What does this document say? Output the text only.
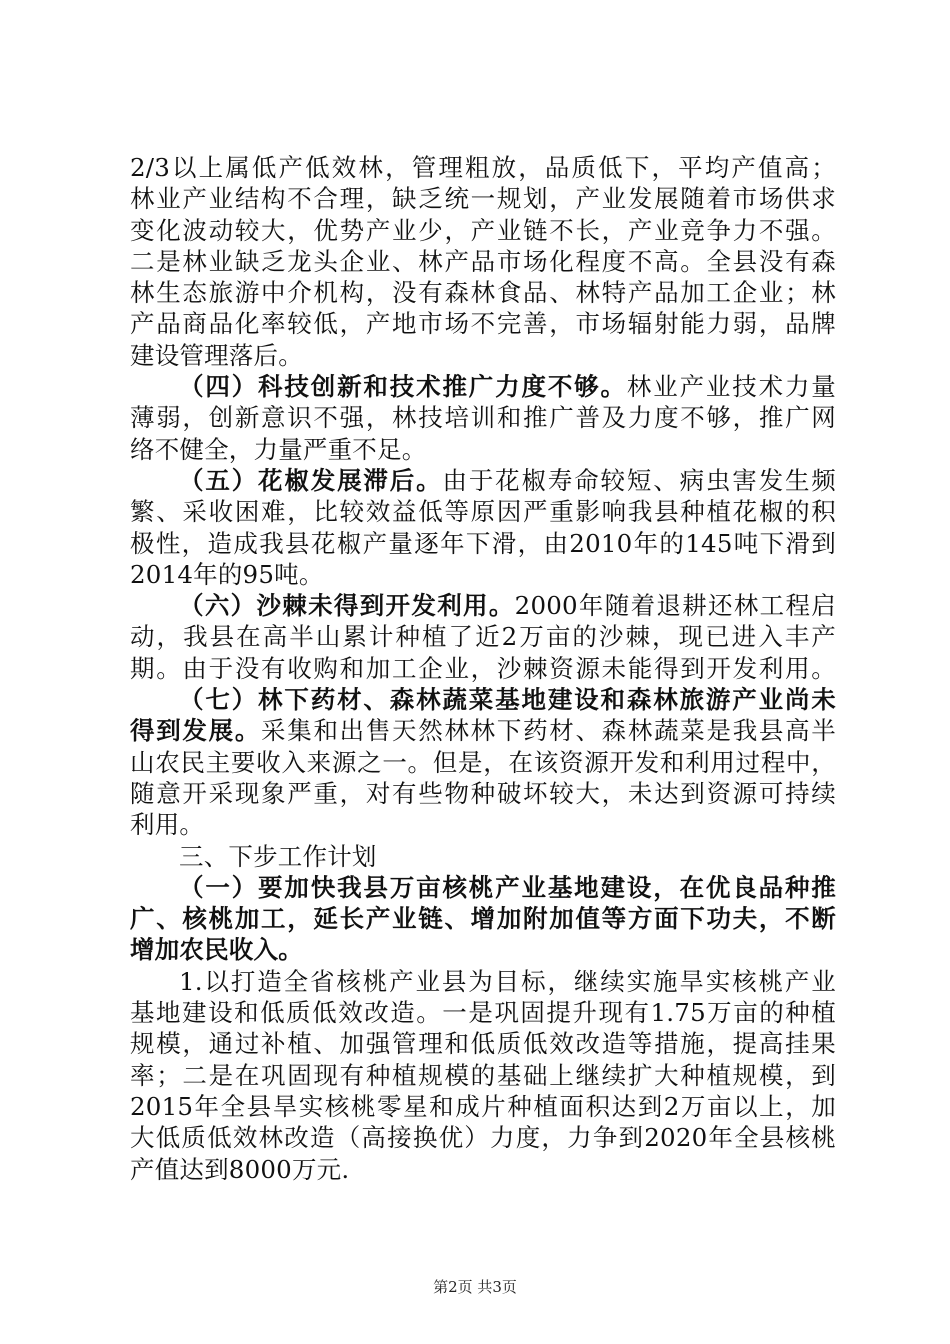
2/3以上属低产低效林，管理粗放，品质低下，平均产值高；
林业产业结构不合理，缺乏统一规划，产业发展随着市场供求
变化波动较大，优势产业少，产业链不长，产业竞争力不强。
二是林业缺乏龙头企业、林产品市场化程度不高。全县没有森
林生态旅游中介机构，没有森林食品、林特产品加工企业；林
产品商品化率较低，产地市场不完善，市场辐射能力弱，品牌
建设管理落后。
（四）科技创新和技术推广力度不够。林业产业技术力量
薄弱，创新意识不强，林技培训和推广普及力度不够，推广网
络不健全，力量严重不足。
（五）花椒发展滞后。由于花椒寿命较短、病虫害发生频
繁、采收困难，比较效益低等原因严重影响我县种植花椒的积
极性，造成我县花椒产量逐年下滑，由2010年的145吨下滑到
2014年的95吨。
（六）沙棘未得到开发利用。2000年随着退耕还林工程启
动，我县在高半山累计种植了近2万亩的沙棘，现已进入丰产
期。由于没有收购和加工企业，沙棘资源未能得到开发利用。
（七）林下药材、森林蔬菜基地建设和森林旅游产业尚未
得到发展。采集和出售天然林林下药材、森林蔬菜是我县高半
山农民主要收入来源之一。但是，在该资源开发和利用过程中，
随意开采现象严重，对有些物种破坏较大，未达到资源可持续
利用。
三、下步工作计划
（一）要加快我县万亩核桃产业基地建设，在优良品种推
广、核桃加工，延长产业链、增加附加值等方面下功夫，不断
增加农民收入。
1.以打造全省核桃产业县为目标，继续实施旱实核桃产业
基地建设和低质低效改造。一是巩固提升现有1.75万亩的种植
规模，通过补植、加强管理和低质低效改造等措施，提高挂果
率；二是在巩固现有种植规模的基础上继续扩大种植规模，到
2015年全县旱实核桃零星和成片种植面积达到2万亩以上，加
大低质低效林改造（高接换优）力度，力争到2020年全县核桃
产值达到8000万元.
第2页 共3页
